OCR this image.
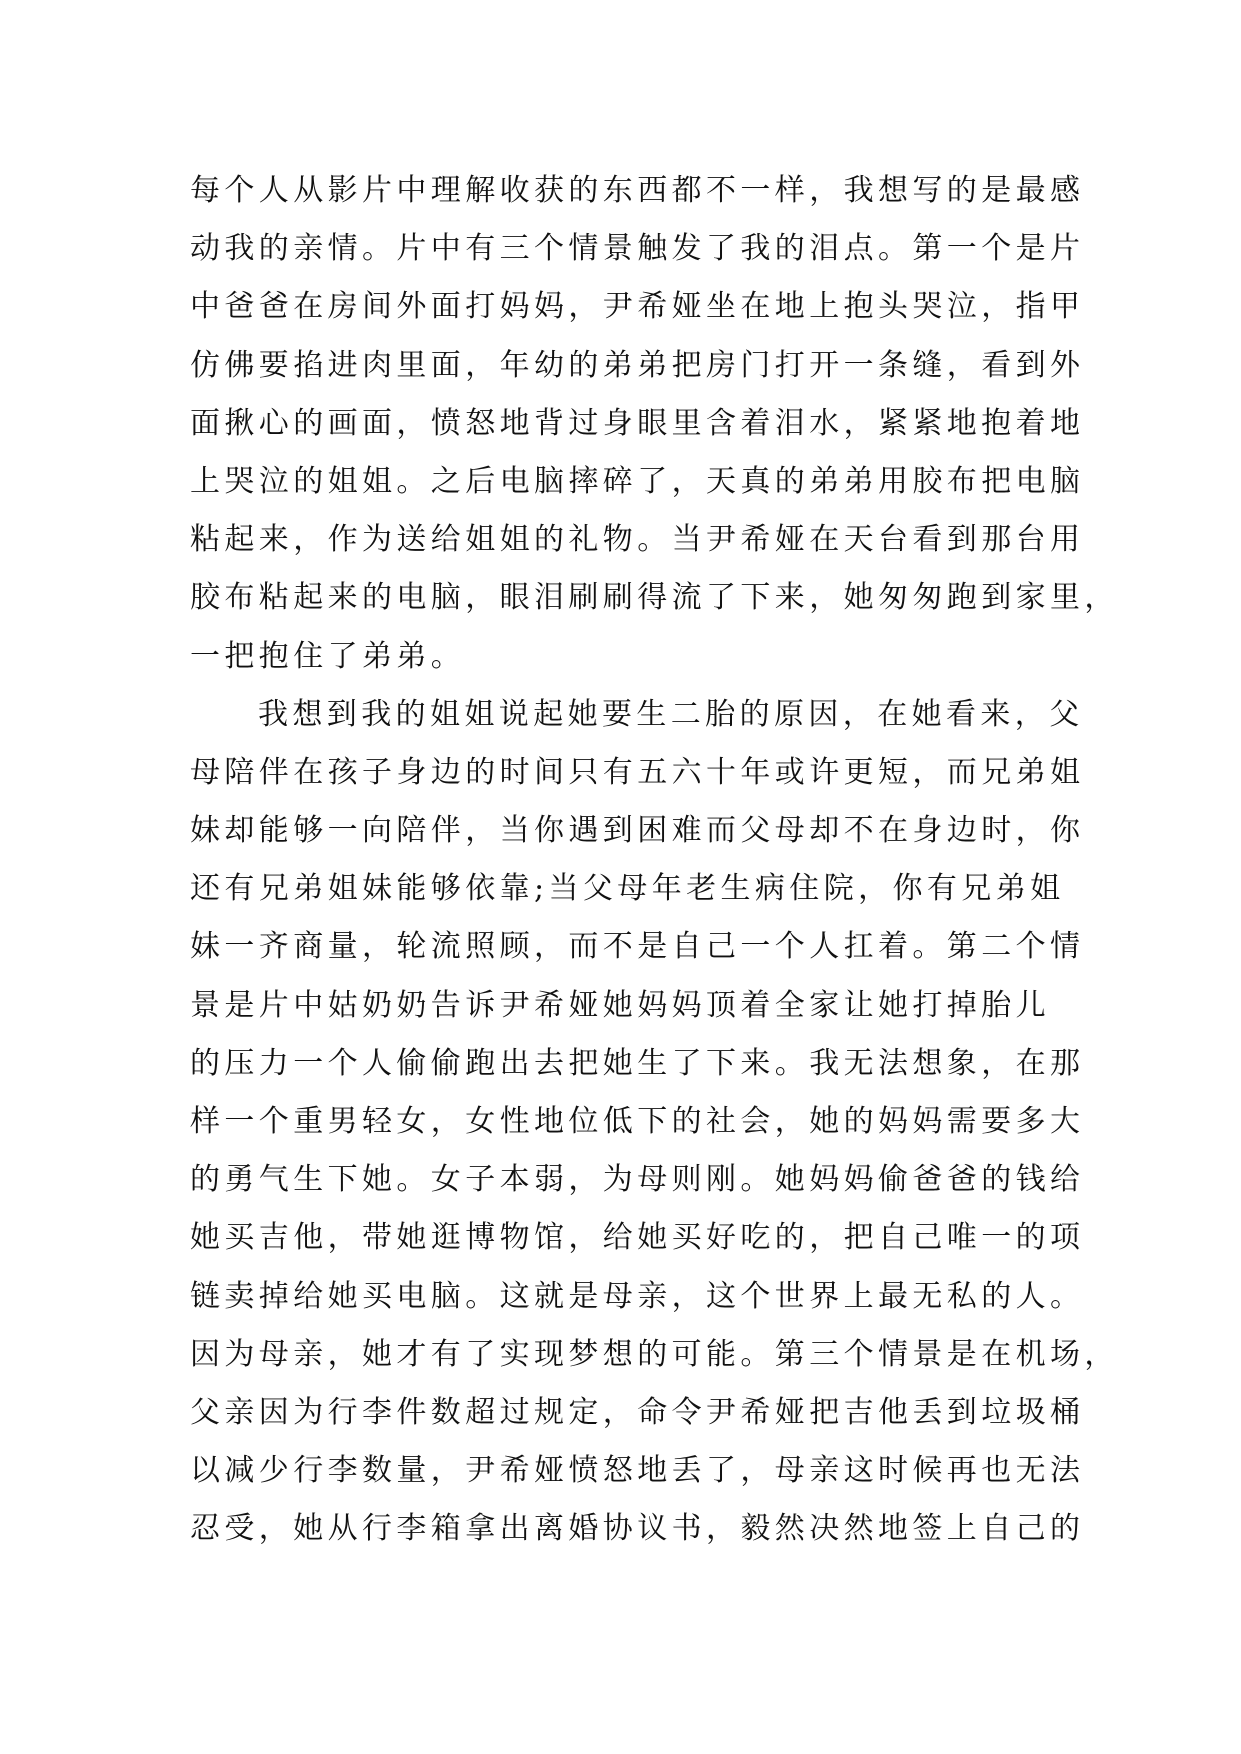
每个人从影片中理解收获的东西都不一样，我想写的是最感
动我的亲情。片中有三个情景触发了我的泪点。第一个是片
中爸爸在房间外面打妈妈，尹希娅坐在地上抱头哭泣，指甲
仿佛要掐进肉里面，年幼的弟弟把房门打开一条缝，看到外
面揪心的画面，愤怒地背过身眼里含着泪水，紧紧地抱着地
上哭泣的姐姐。之后电脑摔碎了，天真的弟弟用胶布把电脑
粘起来，作为送给姐姐的礼物。当尹希娅在天台看到那台用
胶布粘起来的电脑，眼泪刷刷得流了下来，她匆匆跑到家里，
一把抱住了弟弟。
我想到我的姐姐说起她要生二胎的原因，在她看来，父
母陪伴在孩子身边的时间只有五六十年或许更短，而兄弟姐
妹却能够一向陪伴，当你遇到困难而父母却不在身边时，你
还有兄弟姐妹能够依靠;当父母年老生病住院，你有兄弟姐
妹一齐商量，轮流照顾，而不是自己一个人扛着。第二个情
景是片中姑奶奶告诉尹希娅她妈妈顶着全家让她打掉胎儿
的压力一个人偷偷跑出去把她生了下来。我无法想象，在那
样一个重男轻女，女性地位低下的社会，她的妈妈需要多大
的勇气生下她。女子本弱，为母则刚。她妈妈偷爸爸的钱给
她买吉他，带她逛博物馆，给她买好吃的，把自己唯一的项
链卖掉给她买电脑。这就是母亲，这个世界上最无私的人。
因为母亲，她才有了实现梦想的可能。第三个情景是在机场，
父亲因为行李件数超过规定，命令尹希娅把吉他丢到垃圾桶
以减少行李数量，尹希娅愤怒地丢了，母亲这时候再也无法
忍受，她从行李箱拿出离婚协议书，毅然决然地签上自己的
